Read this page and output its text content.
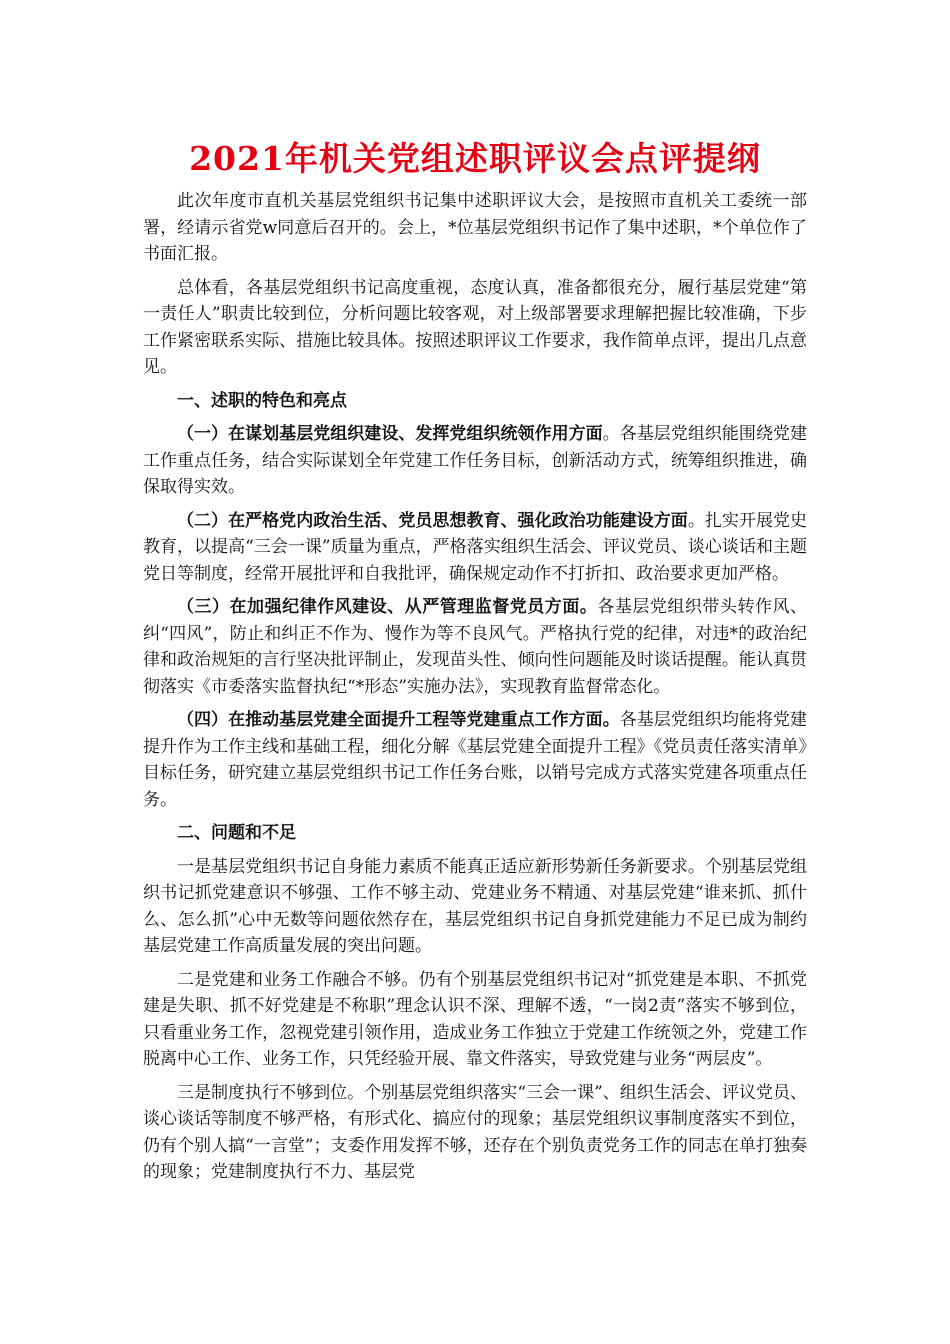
2021年机关党组述职评议会点评提纲

此次年度市直机关基层党组织书记集中述职评议大会，是按照市直机关工委统一部署，经请示省党w同意后召开的。会上，*位基层党组织书记作了集中述职，*个单位作了书面汇报。

总体看，各基层党组织书记高度重视，态度认真，准备都很充分，履行基层党建“第一责任人”职责比较到位，分析问题比较客观，对上级部署要求理解把握比较准确，下步工作紧密联系实际、措施比较具体。按照述职评议工作要求，我作简单点评，提出几点意见。

一、述职的特色和亮点

（一）在谋划基层党组织建设、发挥党组织统领作用方面。各基层党组织能围绕党建工作重点任务，结合实际谋划全年党建工作任务目标，创新活动方式，统筹组织推进，确保取得实效。

（二）在严格党内政治生活、党员思想教育、强化政治功能建设方面。扎实开展党史教育，以提高“三会一课”质量为重点，严格落实组织生活会、评议党员、谈心谈话和主题党日等制度，经常开展批评和自我批评，确保规定动作不打折扣、政治要求更加严格。

（三）在加强纪律作风建设、从严管理监督党员方面。各基层党组织带头转作风、纠“四风”，防止和纠正不作为、慢作为等不良风气。严格执行党的纪律，对违*的政治纪律和政治规矩的言行坚决批评制止，发现苗头性、倾向性问题能及时谈话提醒。能认真贯彻落实《市委落实监督执纪“*形态”实施办法》，实现教育监督常态化。

（四）在推动基层党建全面提升工程等党建重点工作方面。各基层党组织均能将党建提升作为工作主线和基础工程，细化分解《基层党建全面提升工程》《党员责任落实清单》目标任务，研究建立基层党组织书记工作任务台账，以销号完成方式落实党建各项重点任务。

二、问题和不足

一是基层党组织书记自身能力素质不能真正适应新形势新任务新要求。个别基层党组织书记抓党建意识不够强、工作不够主动、党建业务不精通、对基层党建“谁来抓、抓什么、怎么抓”心中无数等问题依然存在，基层党组织书记自身抓党建能力不足已成为制约基层党建工作高质量发展的突出问题。

二是党建和业务工作融合不够。仍有个别基层党组织书记对“抓党建是本职、不抓党建是失职、抓不好党建是不称职”理念认识不深、理解不透，“一岗2责”落实不够到位，只看重业务工作，忽视党建引领作用，造成业务工作独立于党建工作统领之外，党建工作脱离中心工作、业务工作，只凭经验开展、靠文件落实，导致党建与业务“两层皮”。

三是制度执行不够到位。个别基层党组织落实“三会一课”、组织生活会、评议党员、谈心谈话等制度不够严格，有形式化、搞应付的现象；基层党组织议事制度落实不到位，仍有个别人搞“一言堂”；支委作用发挥不够，还存在个别负责党务工作的同志在单打独奏的现象；党建制度执行不力、基层党
